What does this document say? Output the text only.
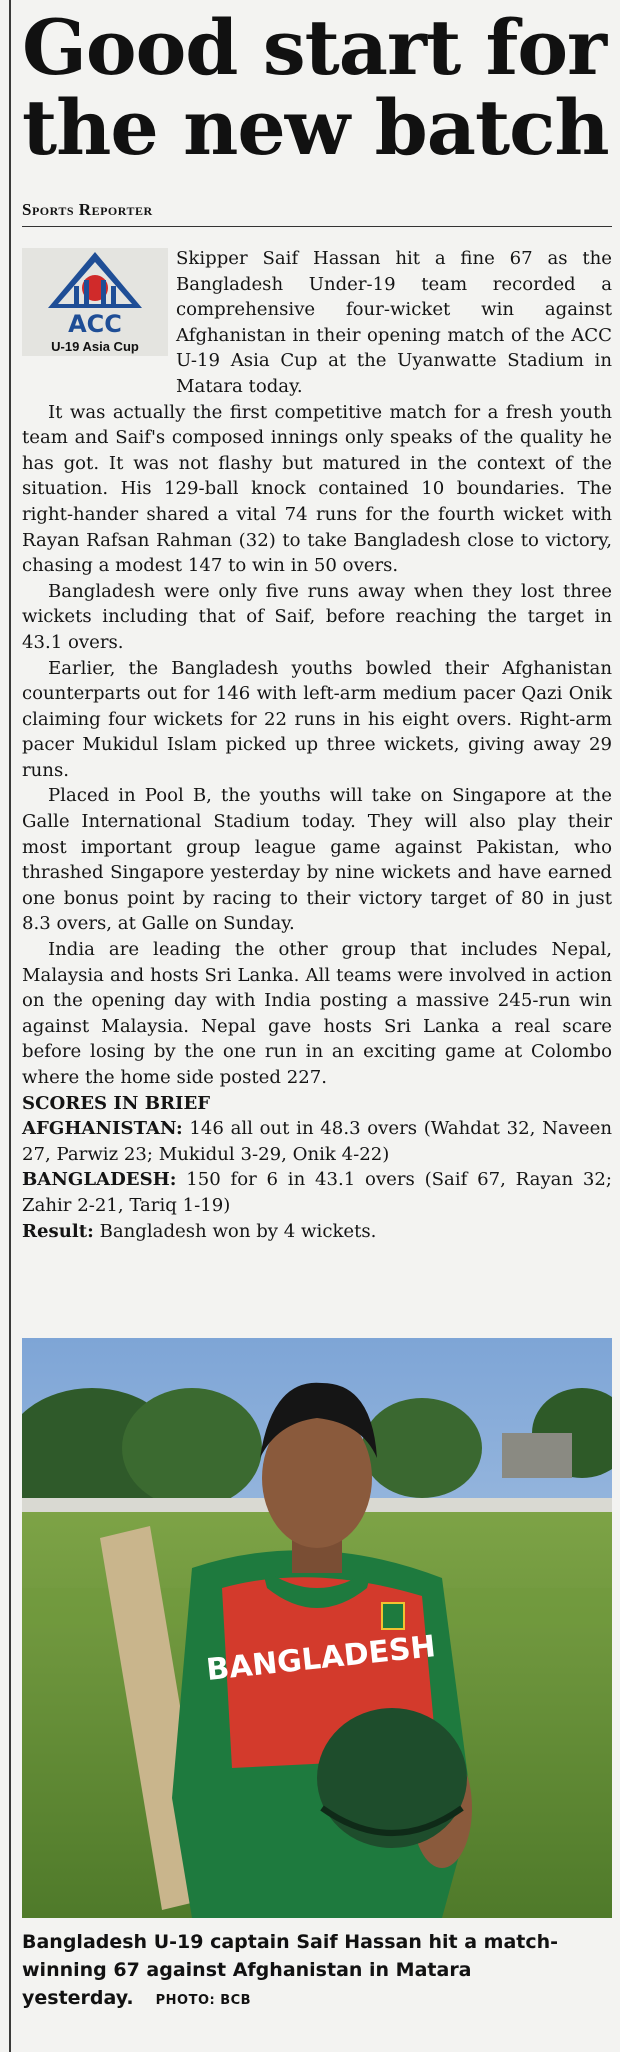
Good start for the new batch
Sports Reporter
ACC
U-19 Asia Cup

Skipper Saif Hassan hit a fine 67 as the Bangladesh Under-19 team recorded a comprehensive four-wicket win against Afghanistan in their opening match of the ACC U-19 Asia Cup at the Uyanwatte Stadium in Matara today.

It was actually the first competitive match for a fresh youth team and Saif's composed innings only speaks of the quality he has got. It was not flashy but matured in the context of the situation. His 129-ball knock contained 10 boundaries. The right-hander shared a vital 74 runs for the fourth wicket with Rayan Rafsan Rahman (32) to take Bangladesh close to victory, chasing a modest 147 to win in 50 overs.

Bangladesh were only five runs away when they lost three wickets including that of Saif, before reaching the target in 43.1 overs.

Earlier, the Bangladesh youths bowled their Afghanistan counterparts out for 146 with left-arm medium pacer Qazi Onik claiming four wickets for 22 runs in his eight overs. Right-arm pacer Mukidul Islam picked up three wickets, giving away 29 runs.

Placed in Pool B, the youths will take on Singapore at the Galle International Stadium today. They will also play their most important group league game against Pakistan, who thrashed Singapore yesterday by nine wickets and have earned one bonus point by racing to their victory target of 80 in just 8.3 overs, at Galle on Sunday.

India are leading the other group that includes Nepal, Malaysia and hosts Sri Lanka. All teams were involved in action on the opening day with India posting a massive 245-run win against Malaysia. Nepal gave hosts Sri Lanka a real scare before losing by the one run in an exciting game at Colombo where the home side posted 227.

SCORES IN BRIEF

AFGHANISTAN: 146 all out in 48.3 overs (Wahdat 32, Naveen 27, Parwiz 23; Mukidul 3-29, Onik 4-22)

BANGLADESH: 150 for 6 in 43.1 overs (Saif 67, Rayan 32; Zahir 2-21, Tariq 1-19)

Result: Bangladesh won by 4 wickets.

BANGLADESH
Bangladesh U-19 captain Saif Hassan hit a match-winning 67 against Afghanistan in Matara yesterday. PHOTO: BCB
